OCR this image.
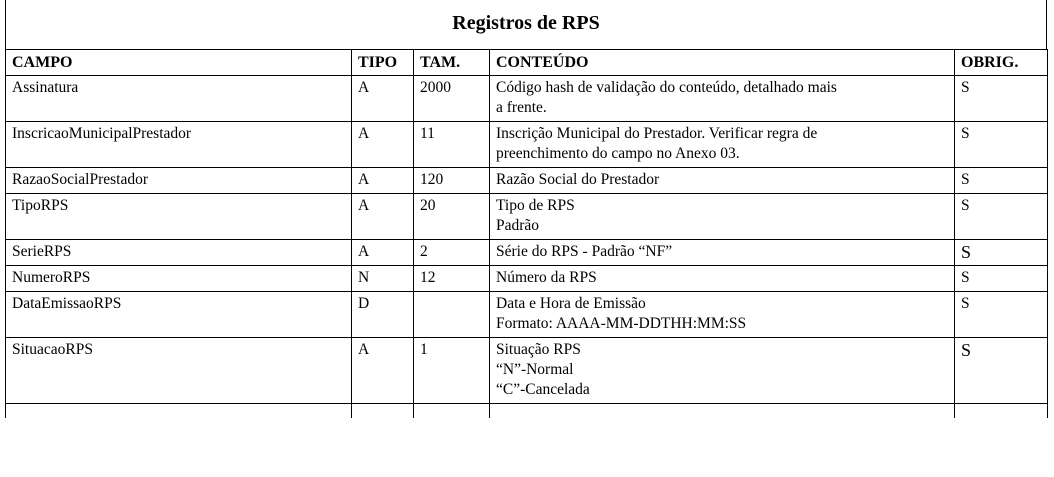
Registros de RPS
CAMPO	TIPO	TAM.	CONTEÚDO	OBRIG.
Assinatura	A	2000	Código hash de validação do conteúdo, detalhado mais
a frente.	S
InscricaoMunicipalPrestador	A	11	Inscrição Municipal do Prestador. Verificar regra de
preenchimento do campo no Anexo 03.	S
RazaoSocialPrestador	A	120	Razão Social do Prestador	S
TipoRPS	A	20	Tipo de RPS
Padrão	S
SerieRPS	A	2	Série do RPS - Padrão “NF”	S
NumeroRPS	N	12	Número da RPS	S
DataEmissaoRPS	D		Data e Hora de Emissão
Formato: AAAA-MM-DDTHH:MM:SS	S
SituacaoRPS	A	1	Situação RPS
“N”-Normal
“C”-Cancelada	S
